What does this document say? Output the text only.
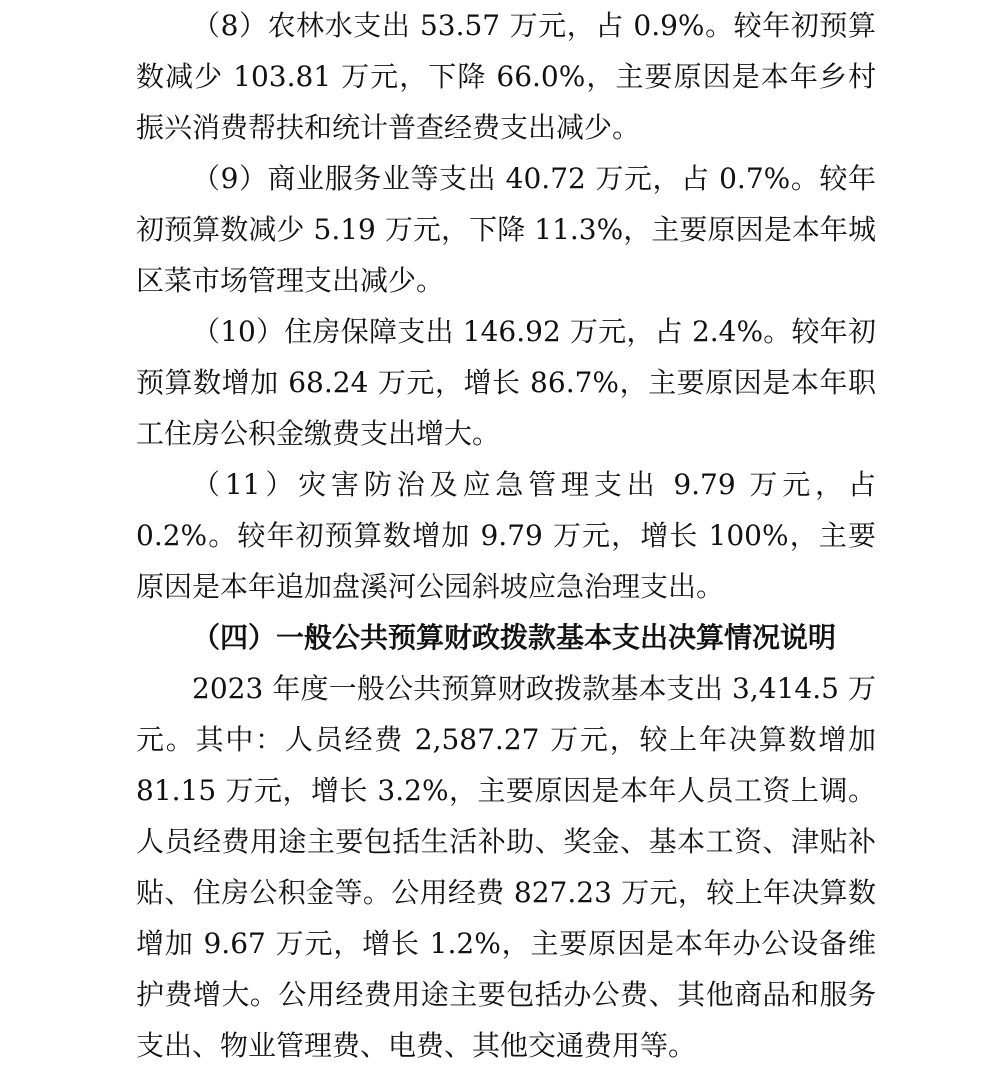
（8）农林水支出 53.57 万元，占 0.9%。较年初预算数减少 103.81 万元，下降 66.0%，主要原因是本年乡村振兴消费帮扶和统计普查经费支出减少。

（9）商业服务业等支出 40.72 万元，占 0.7%。较年初预算数减少 5.19 万元，下降 11.3%，主要原因是本年城区菜市场管理支出减少。

（10）住房保障支出 146.92 万元，占 2.4%。较年初预算数增加 68.24 万元，增长 86.7%，主要原因是本年职工住房公积金缴费支出增大。

（11）灾害防治及应急管理支出 9.79 万元，占 0.2%。较年初预算数增加 9.79 万元，增长 100%，主要原因是本年追加盘溪河公园斜坡应急治理支出。

（四）一般公共预算财政拨款基本支出决算情况说明

2023 年度一般公共预算财政拨款基本支出 3,414.5 万元。其中：人员经费 2,587.27 万元，较上年决算数增加 81.15 万元，增长 3.2%，主要原因是本年人员工资上调。人员经费用途主要包括生活补助、奖金、基本工资、津贴补贴、住房公积金等。公用经费 827.23 万元，较上年决算数增加 9.67 万元，增长 1.2%，主要原因是本年办公设备维护费增大。公用经费用途主要包括办公费、其他商品和服务支出、物业管理费、电费、其他交通费用等。
